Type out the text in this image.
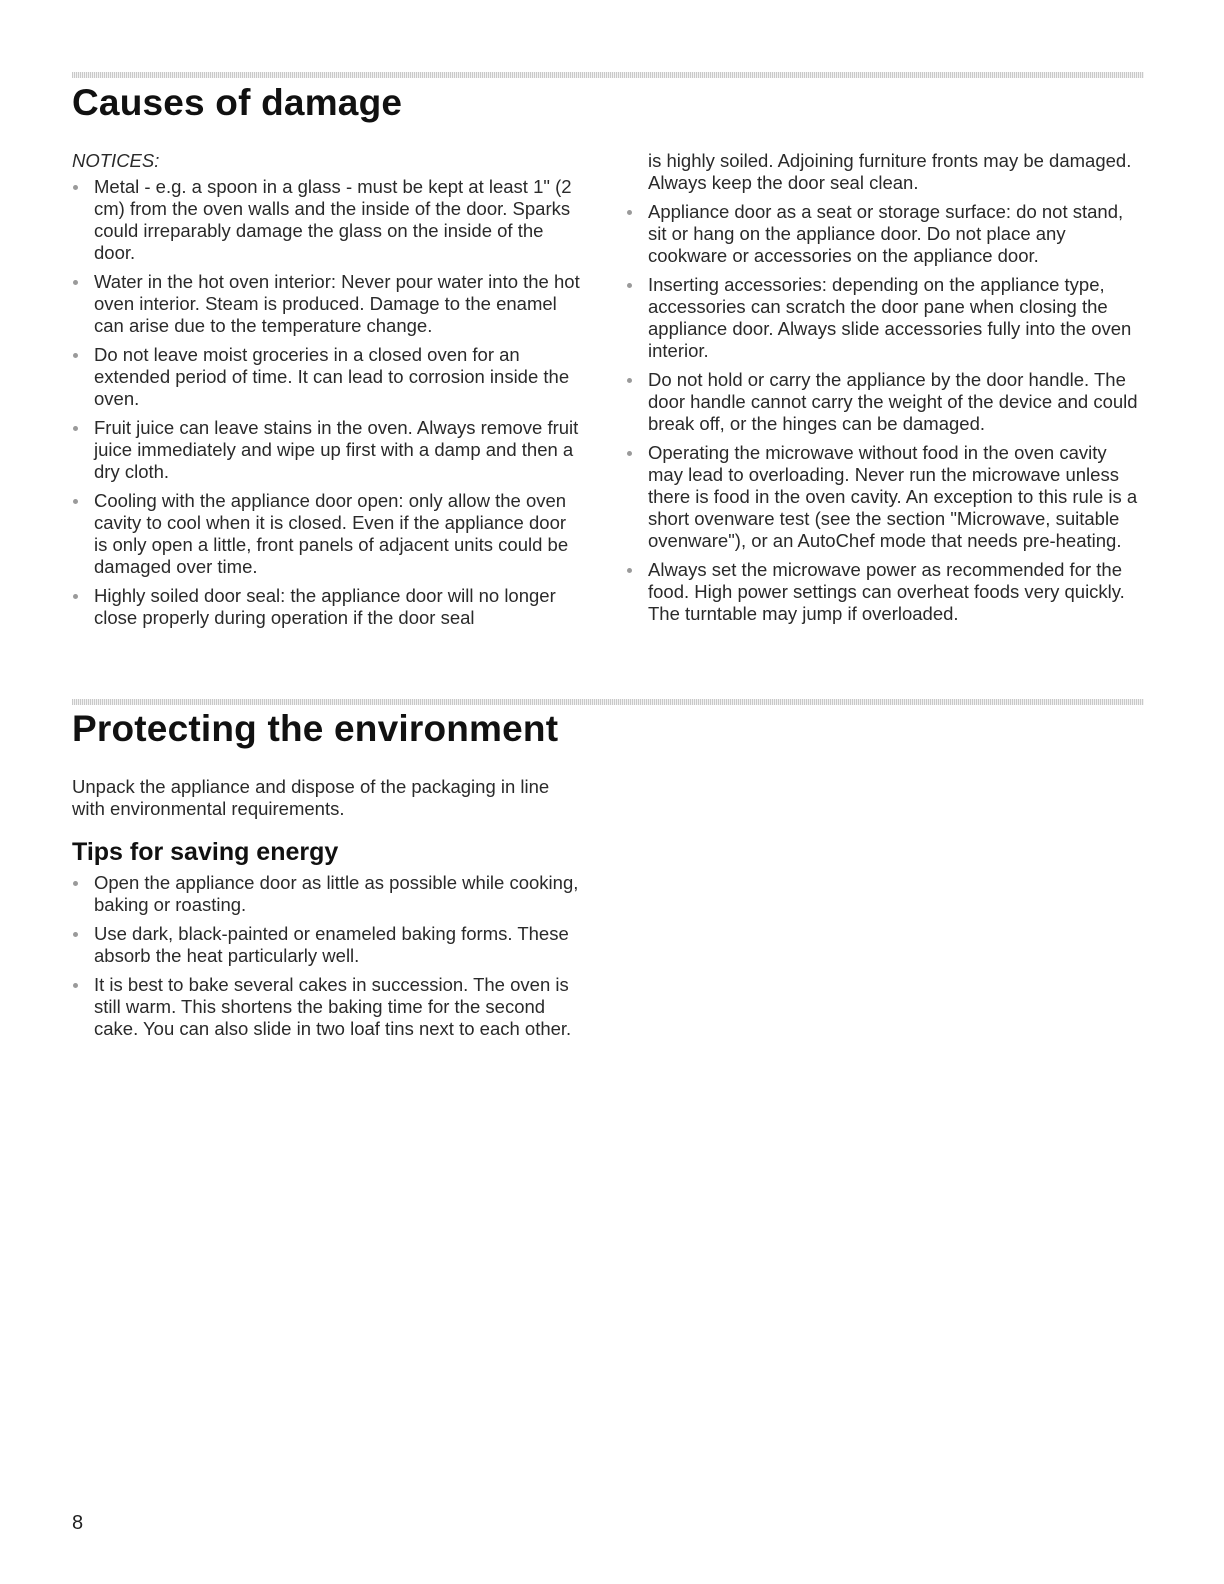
Causes of damage

NOTICES:

Metal - e.g. a spoon in a glass - must be kept at least 1" (2 cm) from the oven walls and the inside of the door. Sparks could irreparably damage the glass on the inside of the door.
Water in the hot oven interior: Never pour water into the hot oven interior. Steam is produced. Damage to the enamel can arise due to the temperature change.
Do not leave moist groceries in a closed oven for an extended period of time. It can lead to corrosion inside the oven.
Fruit juice can leave stains in the oven. Always remove fruit juice immediately and wipe up first with a damp and then a dry cloth.
Cooling with the appliance door open: only allow the oven cavity to cool when it is closed. Even if the appliance door is only open a little, front panels of adjacent units could be damaged over time.
Highly soiled door seal: the appliance door will no longer close properly during operation if the door seal

is highly soiled. Adjoining furniture fronts may be damaged. Always keep the door seal clean.

Appliance door as a seat or storage surface: do not stand, sit or hang on the appliance door. Do not place any cookware or accessories on the appliance door.
Inserting accessories: depending on the appliance type, accessories can scratch the door pane when closing the appliance door. Always slide accessories fully into the oven interior.
Do not hold or carry the appliance by the door handle. The door handle cannot carry the weight of the device and could break off, or the hinges can be damaged.
Operating the microwave without food in the oven cavity may lead to overloading. Never run the microwave unless there is food in the oven cavity. An exception to this rule is a short ovenware test (see the section "Microwave, suitable ovenware"), or an AutoChef mode that needs pre-heating.
Always set the microwave power as recommended for the food. High power settings can overheat foods very quickly. The turntable may jump if overloaded.
Protecting the environment

Unpack the appliance and dispose of the packaging in line with environmental requirements.

Tips for saving energy
Open the appliance door as little as possible while cooking, baking or roasting.
Use dark, black-painted or enameled baking forms. These absorb the heat particularly well.
It is best to bake several cakes in succession. The oven is still warm. This shortens the baking time for the second cake. You can also slide in two loaf tins next to each other.
8
